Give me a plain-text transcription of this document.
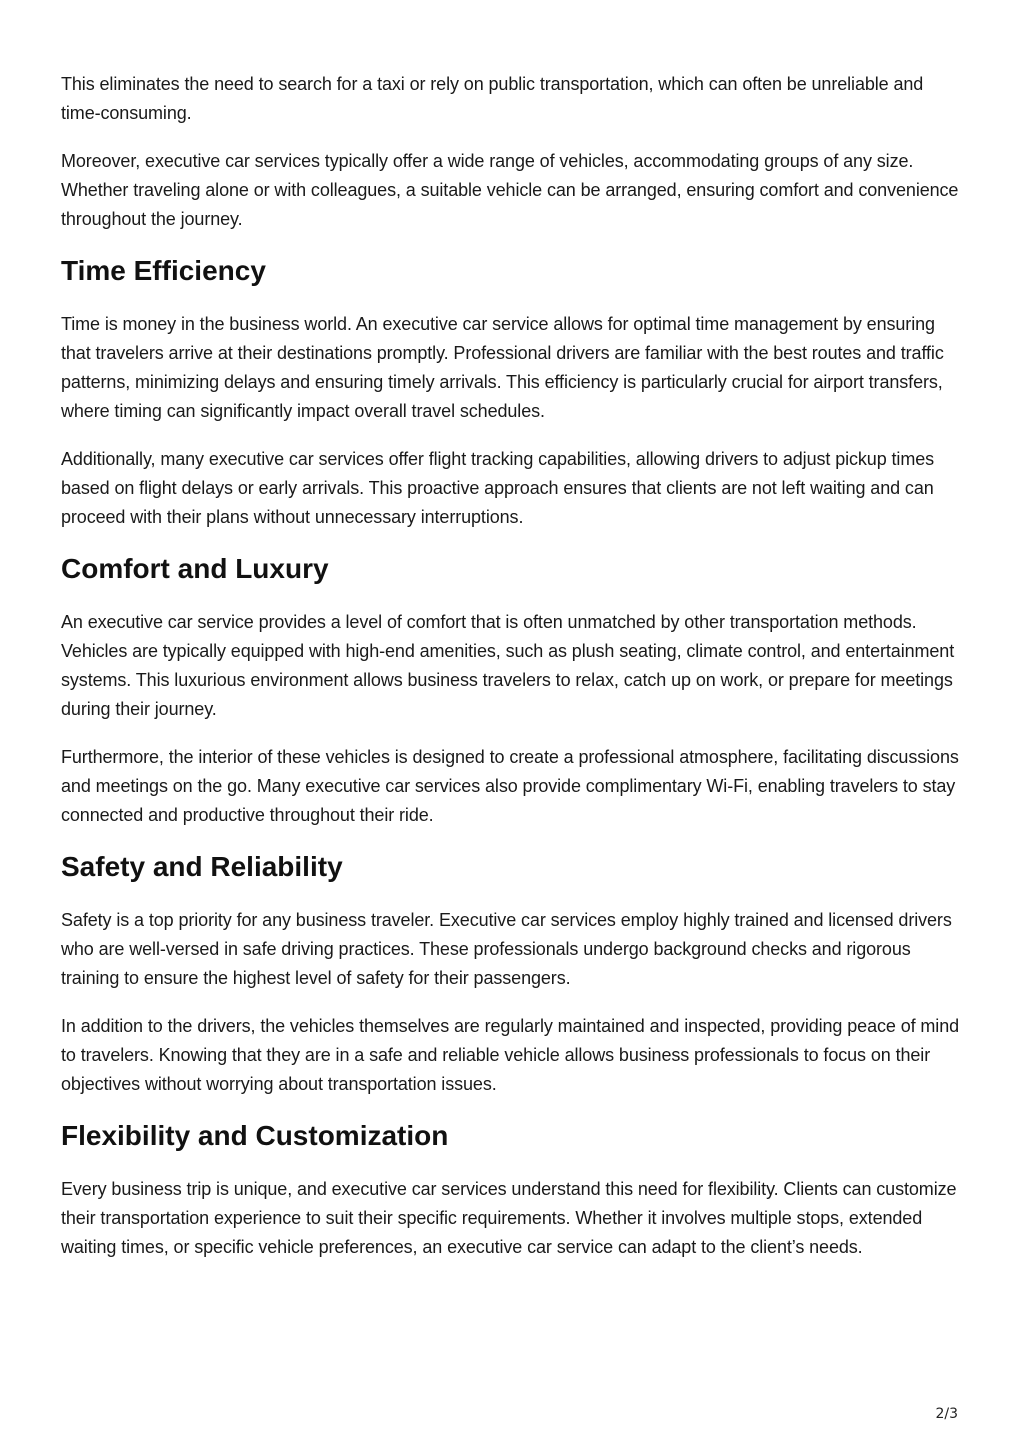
This eliminates the need to search for a taxi or rely on public transportation, which can often be unreliable and time-consuming.

Moreover, executive car services typically offer a wide range of vehicles, accommodating groups of any size. Whether traveling alone or with colleagues, a suitable vehicle can be arranged, ensuring comfort and convenience throughout the journey.

Time Efficiency

Time is money in the business world. An executive car service allows for optimal time management by ensuring that travelers arrive at their destinations promptly. Professional drivers are familiar with the best routes and traffic patterns, minimizing delays and ensuring timely arrivals. This efficiency is particularly crucial for airport transfers, where timing can significantly impact overall travel schedules.

Additionally, many executive car services offer flight tracking capabilities, allowing drivers to adjust pickup times based on flight delays or early arrivals. This proactive approach ensures that clients are not left waiting and can proceed with their plans without unnecessary interruptions.

Comfort and Luxury

An executive car service provides a level of comfort that is often unmatched by other transportation methods. Vehicles are typically equipped with high-end amenities, such as plush seating, climate control, and entertainment systems. This luxurious environment allows business travelers to relax, catch up on work, or prepare for meetings during their journey.

Furthermore, the interior of these vehicles is designed to create a professional atmosphere, facilitating discussions and meetings on the go. Many executive car services also provide complimentary Wi-Fi, enabling travelers to stay connected and productive throughout their ride.

Safety and Reliability

Safety is a top priority for any business traveler. Executive car services employ highly trained and licensed drivers who are well-versed in safe driving practices. These professionals undergo background checks and rigorous training to ensure the highest level of safety for their passengers.

In addition to the drivers, the vehicles themselves are regularly maintained and inspected, providing peace of mind to travelers. Knowing that they are in a safe and reliable vehicle allows business professionals to focus on their objectives without worrying about transportation issues.

Flexibility and Customization

Every business trip is unique, and executive car services understand this need for flexibility. Clients can customize their transportation experience to suit their specific requirements. Whether it involves multiple stops, extended waiting times, or specific vehicle preferences, an executive car service can adapt to the client’s needs.

2/3
